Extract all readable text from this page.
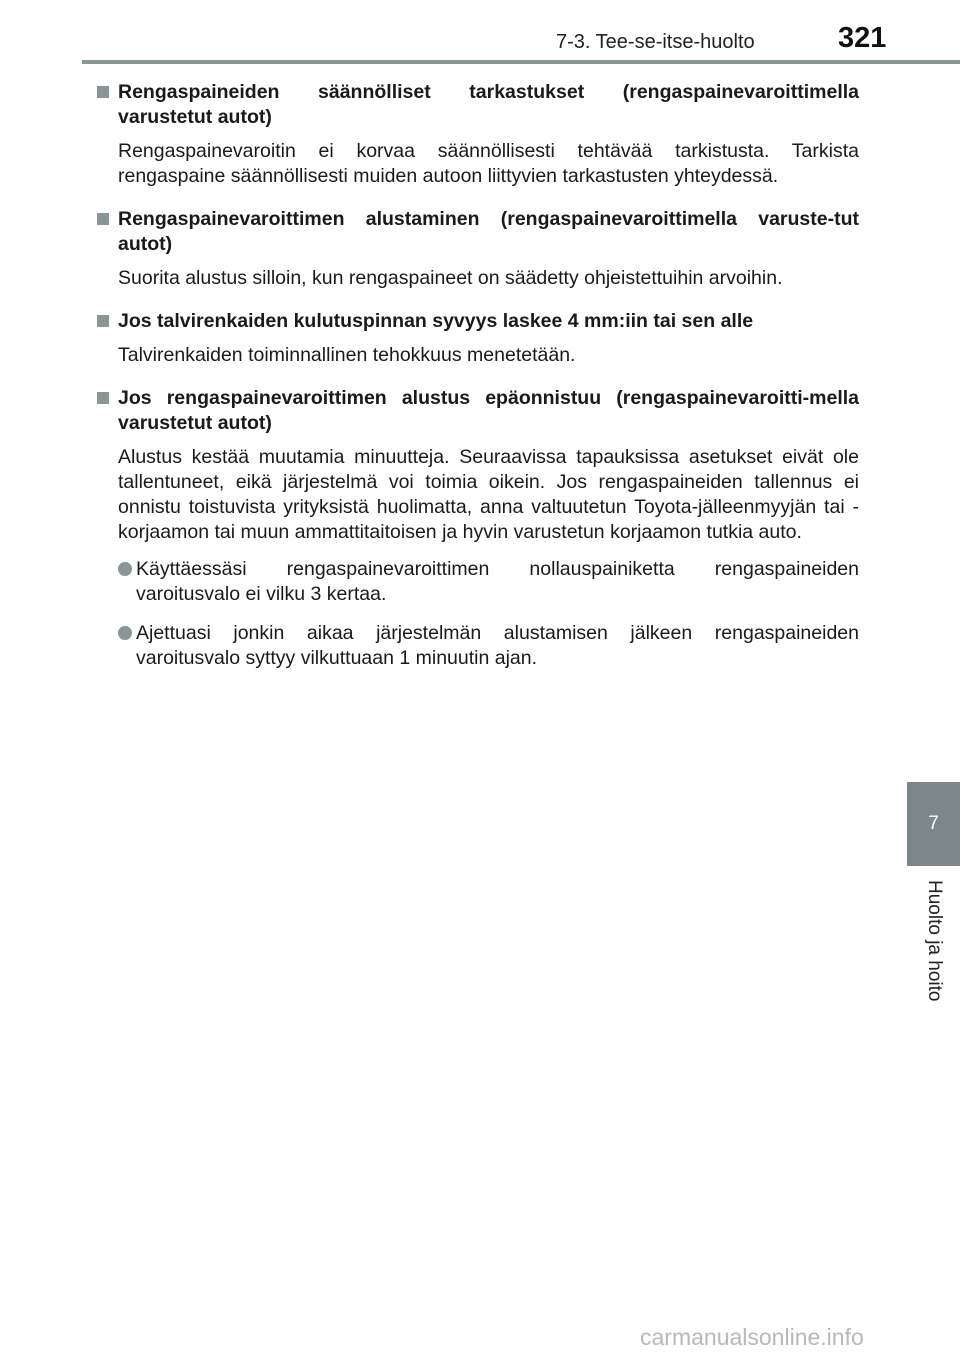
7-3. Tee-se-itse-huolto	321
Rengaspaineiden säännölliset tarkastukset (rengaspainevaroittimella varustetut autot)
Rengaspainevaroitin ei korvaa säännöllisesti tehtävää tarkistusta. Tarkista rengaspaine säännöllisesti muiden autoon liittyvien tarkastusten yhteydessä.
Rengaspainevaroittimen alustaminen (rengaspainevaroittimella varuste-tut autot)
Suorita alustus silloin, kun rengaspaineet on säädetty ohjeistettuihin arvoihin.
Jos talvirenkaiden kulutuspinnan syvyys laskee 4 mm:iin tai sen alle
Talvirenkaiden toiminnallinen tehokkuus menetetään.
Jos rengaspainevaroittimen alustus epäonnistuu (rengaspainevaroitti-mella varustetut autot)
Alustus kestää muutamia minuutteja. Seuraavissa tapauksissa asetukset eivät ole tallentuneet, eikä järjestelmä voi toimia oikein. Jos rengaspaineiden tallennus ei onnistu toistuvista yrityksistä huolimatta, anna valtuutetun Toyota-jälleenmyyjän tai -korjaamon tai muun ammattitaitoisen ja hyvin varustetun korjaamon tutkia auto.
Käyttäessäsi rengaspainevaroittimen nollauspainiketta rengaspaineiden varoitusvalo ei vilku 3 kertaa.
Ajettuasi jonkin aikaa järjestelmän alustamisen jälkeen rengaspaineiden varoitusvalo syttyy vilkuttuaan 1 minuutin ajan.
7
Huolto ja hoito
carmanualsonline.info
